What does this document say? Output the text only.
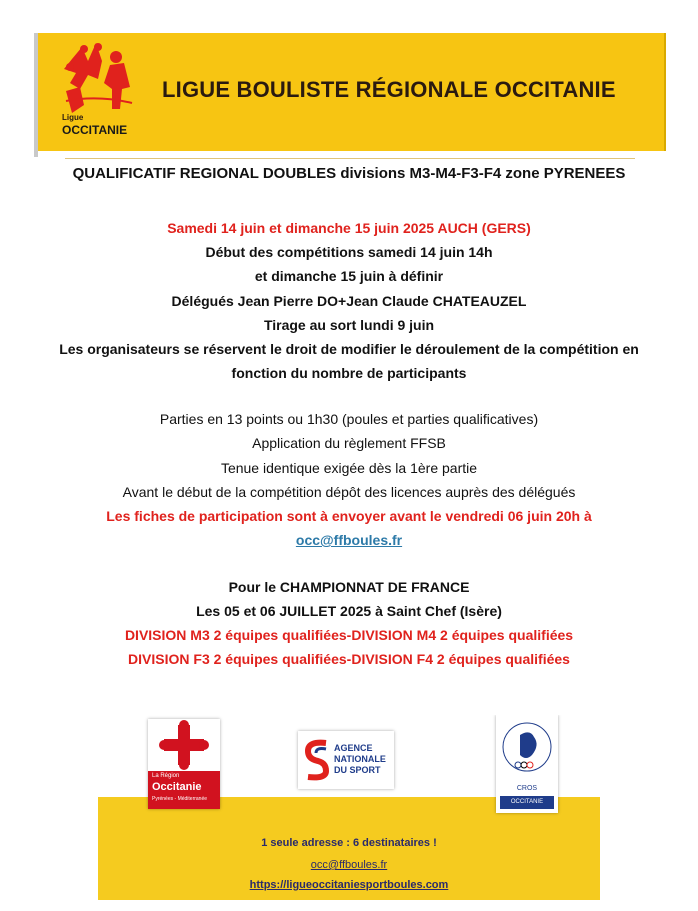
Ligue
OCCITANIE
LIGUE BOULISTE RÉGIONALE OCCITANIE
QUALIFICATIF REGIONAL DOUBLES divisions M3-M4-F3-F4 zone PYRENEES
Samedi 14 juin et dimanche 15 juin 2025 AUCH (GERS)
Début des compétitions samedi 14 juin 14h
et dimanche 15 juin à définir
Délégués Jean Pierre DO+Jean Claude CHATEAUZEL
Tirage au sort lundi 9 juin
Les organisateurs se réservent le droit de modifier le déroulement de la compétition en
fonction du nombre de participants
Parties en 13 points ou 1h30 (poules et parties qualificatives)
Application du règlement FFSB
Tenue identique exigée dès la 1ère partie
Avant le début de la compétition dépôt des licences auprès des délégués
Les fiches de participation sont à envoyer avant le vendredi 06 juin 20h à
occ@ffboules.fr
Pour le CHAMPIONNAT DE FRANCE
Les 05 et 06 JUILLET 2025 à Saint Chef (Isère)
DIVISION M3 2 équipes qualifiées-DIVISION M4 2 équipes qualifiées
DIVISION F3 2 équipes qualifiées-DIVISION F4 2 équipes qualifiées
La Région
Occitanie
Pyrénées - Méditerranée
AGENCE
NATIONALE
DU SPORT
CROS
OCCITANIE
1 seule adresse : 6 destinataires !
occ@ffboules.fr
https://ligueoccitaniesportboules.com
